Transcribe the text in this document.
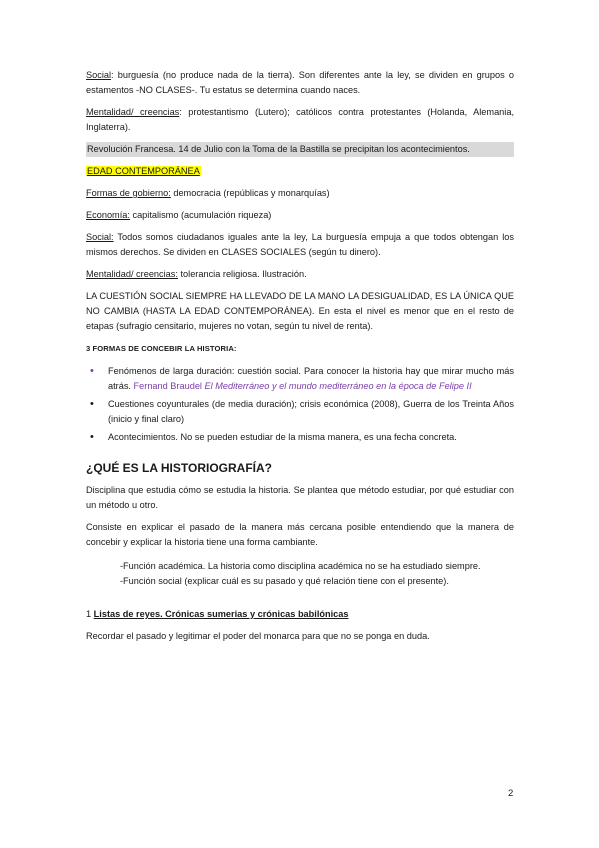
Social: burguesía (no produce nada de la tierra). Son diferentes ante la ley, se dividen en grupos o estamentos -NO CLASES-. Tu estatus se determina cuando naces.

Mentalidad/ creencias: protestantismo (Lutero); católicos contra protestantes (Holanda, Alemania, Inglaterra).

Revolución Francesa. 14 de Julio con la Toma de la Bastilla se precipitan los acontecimientos.

EDAD CONTEMPORÁNEA

Formas de gobierno: democracia (repúblicas y monarquías)

Economía: capitalismo (acumulación riqueza)

Social: Todos somos ciudadanos iguales ante la ley, La burguesía empuja a que todos obtengan los mismos derechos. Se dividen en CLASES SOCIALES (según tu dinero).

Mentalidad/ creencias: tolerancia religiosa. Ilustración.

LA CUESTIÓN SOCIAL SIEMPRE HA LLEVADO DE LA MANO LA DESIGUALIDAD, ES LA ÚNICA QUE NO CAMBIA (HASTA LA EDAD CONTEMPORÁNEA). En esta el nivel es menor que en el resto de etapas (sufragio censitario, mujeres no votan, según tu nivel de renta).

3 FORMAS DE CONCEBIR LA HISTORIA:

• Fenómenos de larga duración: cuestión social. Para conocer la historia hay que mirar mucho más atrás. Fernand Braudel El Mediterráneo y el mundo mediterráneo en la época de Felipe II
• Cuestiones coyunturales (de media duración); crisis económica (2008), Guerra de los Treinta Años (inicio y final claro)
• Acontecimientos. No se pueden estudiar de la misma manera, es una fecha concreta.

¿QUÉ ES LA HISTORIOGRAFÍA?

Disciplina que estudia cómo se estudia la historia. Se plantea que método estudiar, por qué estudiar con un método u otro.

Consiste en explicar el pasado de la manera más cercana posible entendiendo que la manera de concebir y explicar la historia tiene una forma cambiante.

-Función académica. La historia como disciplina académica no se ha estudiado siempre.

-Función social (explicar cuál es su pasado y qué relación tiene con el presente).

1 Listas de reyes. Crónicas sumerias y crónicas babilónicas

Recordar el pasado y legitimar el poder del monarca para que no se ponga en duda.

2
